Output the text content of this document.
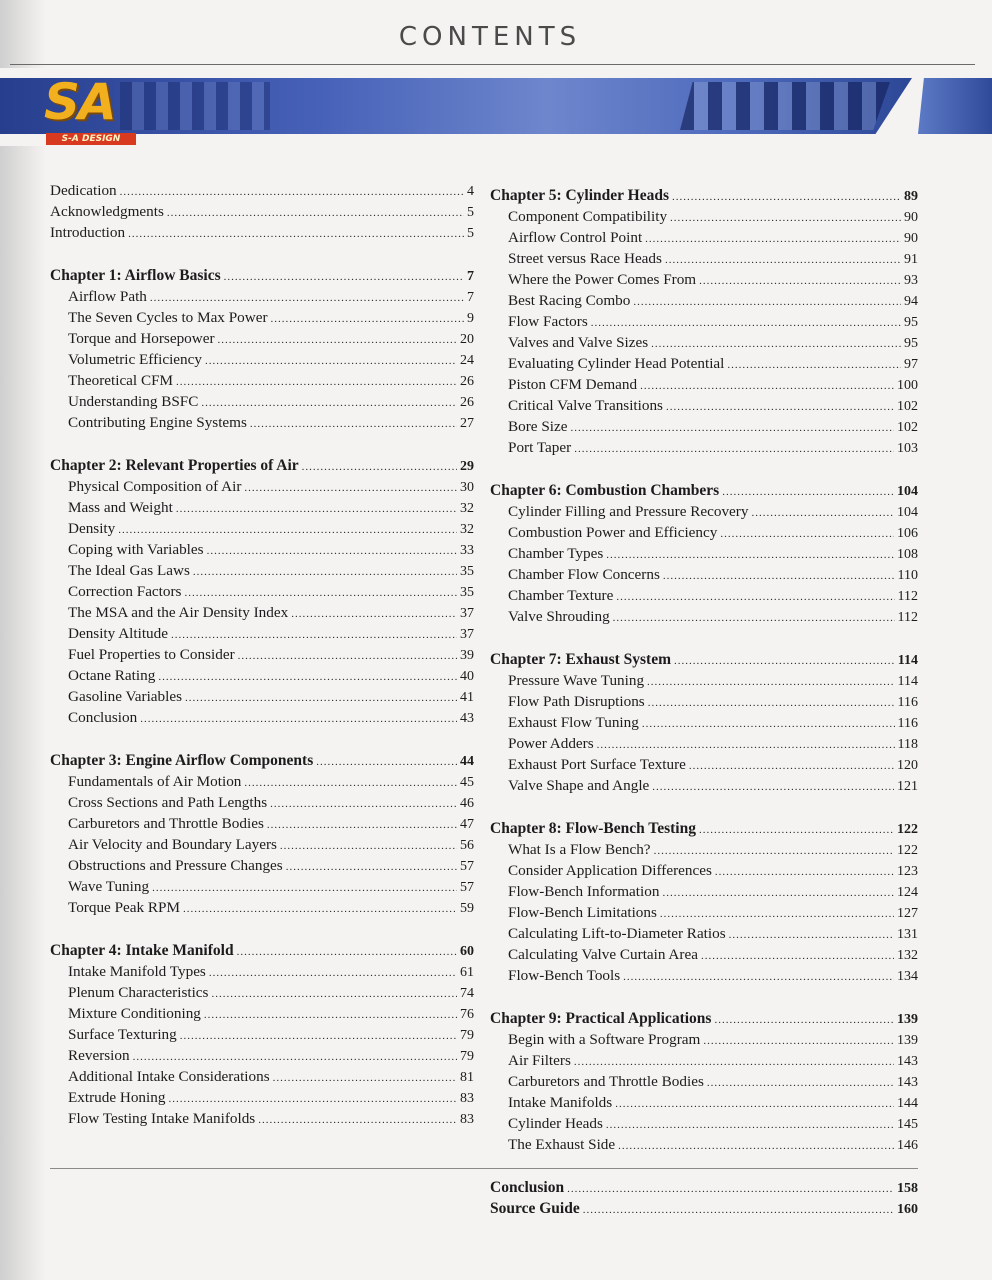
CONTENTS
SA
S-A DESIGN
Dedication .....	4
Acknowledgments .....	5
Introduction .....	5
Chapter 1: Airflow Basics .....	7
Airflow Path .....	7
The Seven Cycles to Max Power .....	9
Torque and Horsepower .....	20
Volumetric Efficiency .....	24
Theoretical CFM .....	26
Understanding BSFC .....	26
Contributing Engine Systems .....	27
Chapter 2: Relevant Properties of Air .....	29
Physical Composition of Air .....	30
Mass and Weight .....	32
Density .....	32
Coping with Variables .....	33
The Ideal Gas Laws .....	35
Correction Factors .....	35
The MSA and the Air Density Index .....	37
Density Altitude .....	37
Fuel Properties to Consider .....	39
Octane Rating .....	40
Gasoline Variables .....	41
Conclusion .....	43
Chapter 3: Engine Airflow Components .....	44
Fundamentals of Air Motion .....	45
Cross Sections and Path Lengths .....	46
Carburetors and Throttle Bodies .....	47
Air Velocity and Boundary Layers .....	56
Obstructions and Pressure Changes .....	57
Wave Tuning .....	57
Torque Peak RPM .....	59
Chapter 4: Intake Manifold .....	60
Intake Manifold Types .....	61
Plenum Characteristics .....	74
Mixture Conditioning .....	76
Surface Texturing .....	79
Reversion .....	79
Additional Intake Considerations .....	81
Extrude Honing .....	83
Flow Testing Intake Manifolds .....	83
Chapter 5: Cylinder Heads .....	89
Component Compatibility .....	90
Airflow Control Point .....	90
Street versus Race Heads .....	91
Where the Power Comes From .....	93
Best Racing Combo .....	94
Flow Factors .....	95
Valves and Valve Sizes .....	95
Evaluating Cylinder Head Potential .....	97
Piston CFM Demand .....	100
Critical Valve Transitions .....	102
Bore Size .....	102
Port Taper .....	103
Chapter 6: Combustion Chambers .....	104
Cylinder Filling and Pressure Recovery .....	104
Combustion Power and Efficiency .....	106
Chamber Types .....	108
Chamber Flow Concerns .....	110
Chamber Texture .....	112
Valve Shrouding .....	112
Chapter 7: Exhaust System .....	114
Pressure Wave Tuning .....	114
Flow Path Disruptions .....	116
Exhaust Flow Tuning .....	116
Power Adders .....	118
Exhaust Port Surface Texture .....	120
Valve Shape and Angle .....	121
Chapter 8: Flow-Bench Testing .....	122
What Is a Flow Bench? .....	122
Consider Application Differences .....	123
Flow-Bench Information .....	124
Flow-Bench Limitations .....	127
Calculating Lift-to-Diameter Ratios .....	131
Calculating Valve Curtain Area .....	132
Flow-Bench Tools .....	134
Chapter 9: Practical Applications .....	139
Begin with a Software Program .....	139
Air Filters .....	143
Carburetors and Throttle Bodies .....	143
Intake Manifolds .....	144
Cylinder Heads .....	145
The Exhaust Side .....	146
Conclusion .....	158
Source Guide .....	160
